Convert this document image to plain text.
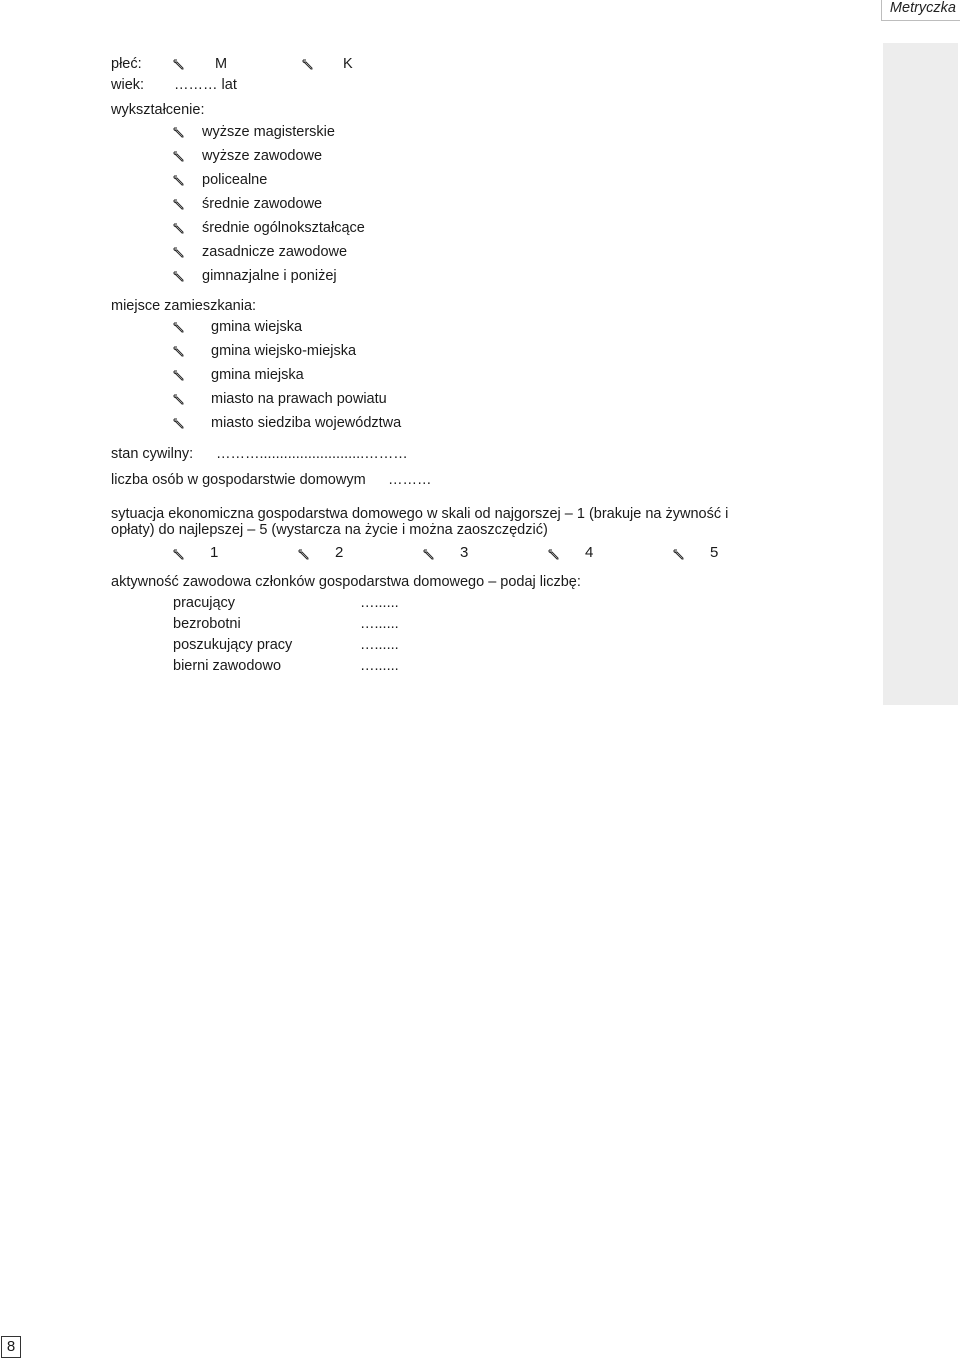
Metryczka
płeć:	M	K
wiek: ……… lat
wykształcenie:
wyższe magisterskie
wyższe zawodowe
policealne
średnie zawodowe
średnie ogólnokształcące
zasadnicze zawodowe
gimnazjalne i poniżej
miejsce zamieszkania:
gmina wiejska
gmina wiejsko-miejska
gmina miejska
miasto na prawach powiatu
miasto siedziba województwa
stan cywilny: ………..........................………
liczba osób w gospodarstwie domowym ………
sytuacja ekonomiczna gospodarstwa domowego w skali od najgorszej – 1 (brakuje na żywność i
opłaty) do najlepszej – 5 (wystarcza na życie i można zaoszczędzić)
1	2	3	4	5
aktywność zawodowa członków gospodarstwa domowego – podaj liczbę:
pracujący	…......
bezrobotni	…......
poszukujący pracy	…......
bierni zawodowo	…......
8
